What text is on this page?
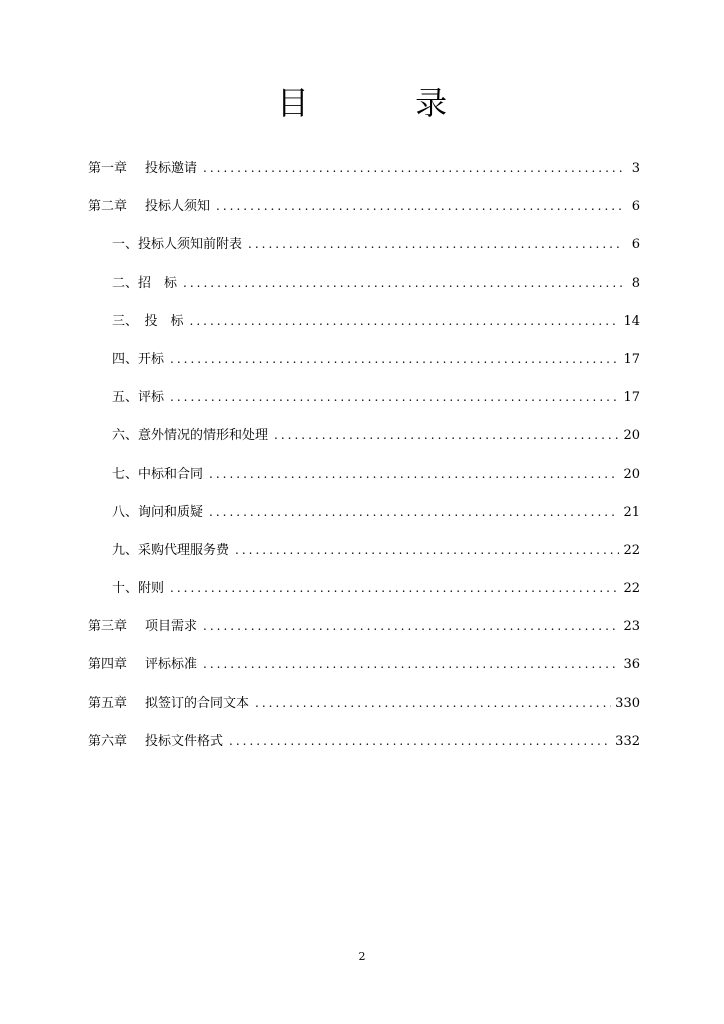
目 录
第一章 投标邀请 .....	3
第二章 投标人须知 .....	6
一、投标人须知前附表 .....	6
二、招　标 .....	8
三、　投　标 .....	14
四、开标 .....	17
五、评标 .....	17
六、意外情况的情形和处理 .....	20
七、中标和合同 .....	20
八、询问和质疑 .....	21
九、采购代理服务费 .....	22
十、附则 .....	22
第三章 项目需求 .....	23
第四章 评标标准 .....	36
第五章 拟签订的合同文本 .....	330
第六章 投标文件格式 .....	332
2
